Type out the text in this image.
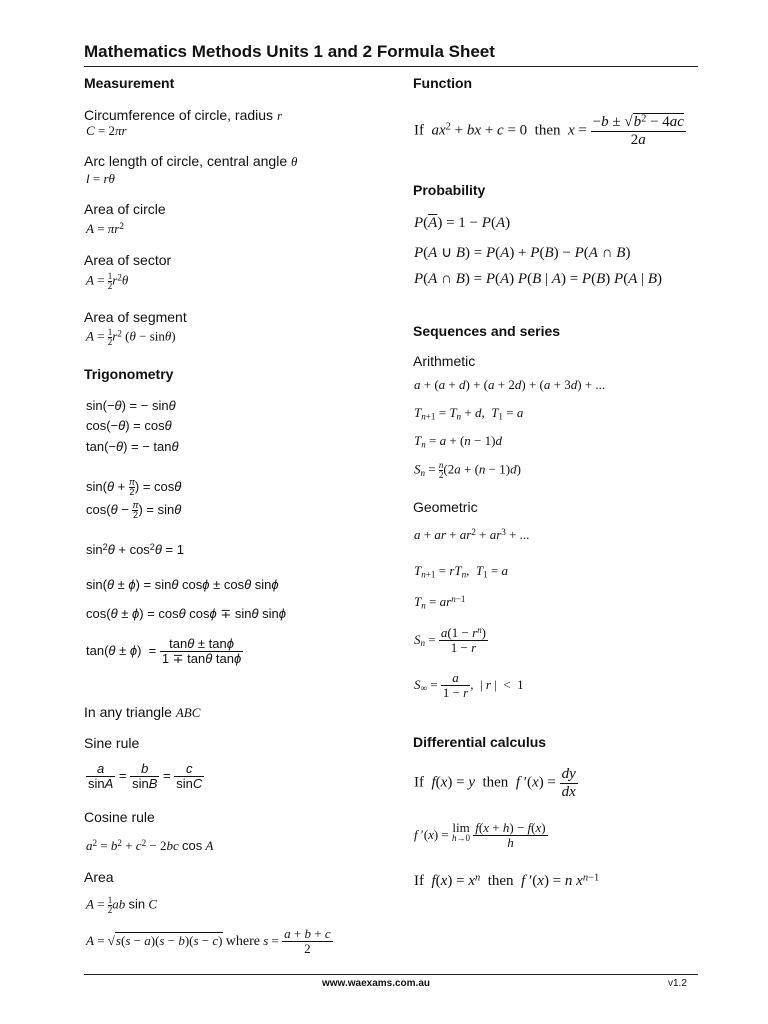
Mathematics Methods Units 1 and 2 Formula Sheet
Measurement
Circumference of circle, radius r
C = 2πr
Arc length of circle, central angle θ
l = rθ
Area of circle
$A = \pi r^2$
Area of sector
$A = \frac{1}{2} r^2\theta$
Area of segment
$A = \frac{1}{2} r^2$ (θ − sinθ)
Trigonometry
sin(−θ) = − sinθ
cos(−θ) = cosθ
tan(−θ) = − tanθ
$\sin(\theta + \frac{\pi}{2}$ ) = cosθ
$\cos(\theta - \frac{\pi}{2}$ ) = sinθ
$\sin^2\theta + \cos^2\theta = 1$
sin(θ ± ϕ) = sinθ cosϕ ± cosθ sinϕ
cos(θ ± ϕ) = cosθ cosϕ ∓ sinθ sinϕ
$\tan(\theta \pm \phi) = \frac{\tan\theta \pm \tan\phi}{\text{1 ∓ tanθ tanϕ}}$
In any triangle ABC
Sine rule
$\frac{a}{\sin A} = \frac{b}{\sin B} = \frac{c}{\sin C}$
Cosine rule
$a^2 = b^2 + c^2 - 2bc$ cos A
Area
$A = \frac{1}{2}$ ab sin C
A = √s(s − a)(s − b)(s − c) where $s = \frac{a + b + c}{2}$
Function
If $ax^2$ + bx + c = 0  then $x = \frac{-b \pm √b^2 - 4ac}{2a}$
Probability
$P(\overline{A}) = 1 - P(A)$
P(A ∪ B) = P(A) + P(B) − P(A ∩ B)
P(A ∩ B) = P(A) P(B | A) = P(B) P(A | B)
Sequences and series
Arithmetic
a + (a + d) + (a + 2d) + (a + 3d) + ...
$T_{n+1} = T_n + d$,  $T_1 = a$
$T_n = a + (n - 1)d$
$S_n = \frac{n}{2} (2a + (n - 1)d)$
Geometric
a + ar + $ar^2 + ar^3$ + ...
$T_{n+1} = rT_n$,  $T_1 = a$
$T_n = ar^{n-1}$
$S_n = \frac{a(1 - r^n)}{1 - r}$
$S_\infty = \frac{a}{1 - r}$ ,  | r |  <  1
Differential calculus
If f(x) = y then f $'(x) = \frac{dy}{dx}$
f ′(x) = lim
h→0
$\frac{f(x + h) - f(x)}{h}$
If $f(x) = x^n$ then f ′(x) = n $x^{n-1}$
www.waexams.com.au	v1.2
